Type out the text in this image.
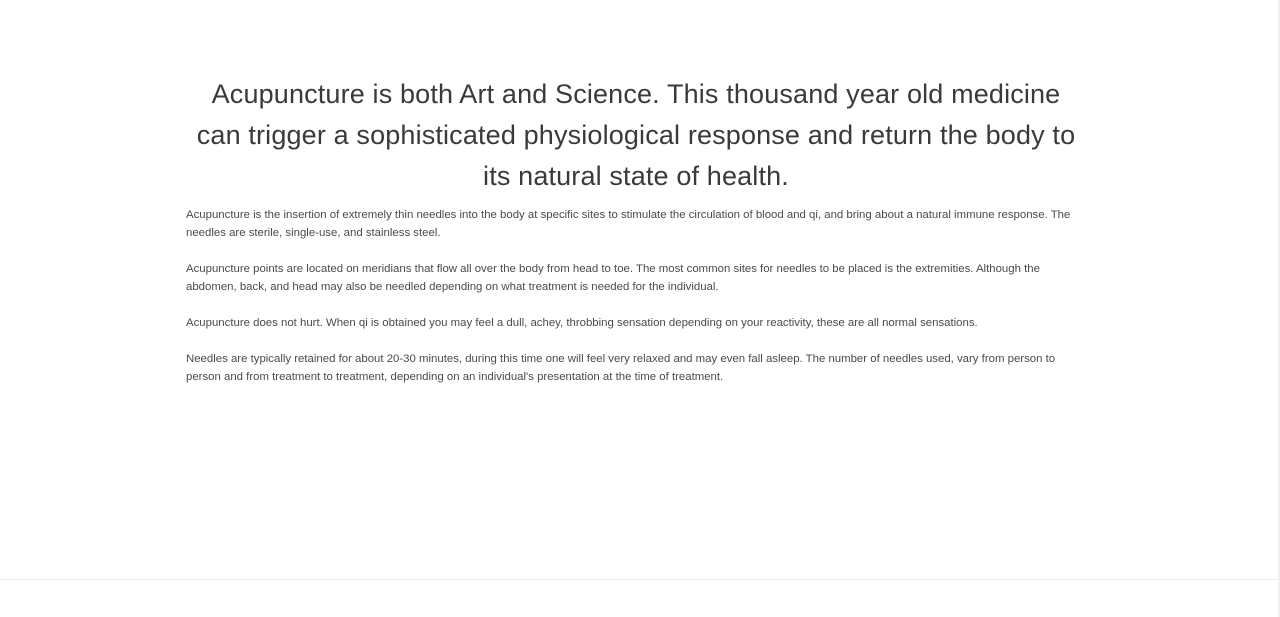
Acupuncture is both Art and Science. This thousand year old medicine can trigger a sophisticated physiological response and return the body to its natural state of health.

Acupuncture is the insertion of extremely thin needles into the body at specific sites to stimulate the circulation of blood and qi, and bring about a natural immune response. The needles are sterile, single-use, and stainless steel.

Acupuncture points are located on meridians that flow all over the body from head to toe. The most common sites for needles to be placed is the extremities. Although the abdomen, back, and head may also be needled depending on what treatment is needed for the individual.

Acupuncture does not hurt. When qi is obtained you may feel a dull, achey, throbbing sensation depending on your reactivity, these are all normal sensations.

Needles are typically retained for about 20-30 minutes, during this time one will feel very relaxed and may even fall asleep. The number of needles used, vary from person to person and from treatment to treatment, depending on an individual's presentation at the time of treatment.
